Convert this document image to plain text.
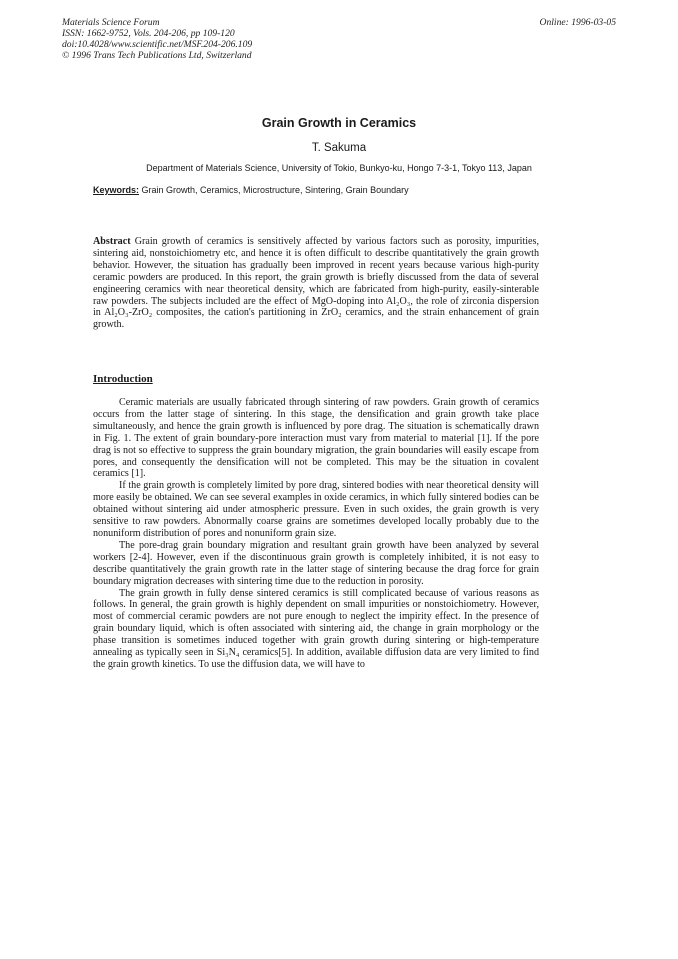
Materials Science Forum
ISSN: 1662-9752, Vols. 204-206, pp 109-120
doi:10.4028/www.scientific.net/MSF.204-206.109
© 1996 Trans Tech Publications Ltd, Switzerland
Online: 1996-03-05
Grain Growth in Ceramics
T. Sakuma
Department of Materials Science, University of Tokio, Bunkyo-ku, Hongo 7-3-1, Tokyo 113, Japan
Keywords: Grain Growth, Ceramics, Microstructure, Sintering, Grain Boundary
Abstract Grain growth of ceramics is sensitively affected by various factors such as porosity, impurities, sintering aid, nonstoichiometry etc, and hence it is often difficult to describe quantitatively the grain growth behavior. However, the situation has gradually been improved in recent years because various high-purity ceramic powders are produced. In this report, the grain growth is briefly discussed from the data of several engineering ceramics with near theoretical density, which are fabricated from high-purity, easily-sinterable raw powders. The subjects included are the effect of MgO-doping into Al₂O₃, the role of zirconia dispersion in Al₂O₃-ZrO₂ composites, the cation's partitioning in ZrO₂ ceramics, and the strain enhancement of grain growth.
Introduction

Ceramic materials are usually fabricated through sintering of raw powders. Grain growth of ceramics occurs from the latter stage of sintering. In this stage, the densification and grain growth take place simultaneously, and hence the grain growth is influenced by pore drag. The situation is schematically drawn in Fig. 1. The extent of grain boundary-pore interaction must vary from material to material [1]. If the pore drag is not so effective to suppress the grain boundary migration, the grain boundaries will easily escape from pores, and consequently the densification will not be completed. This may be the situation in covalent ceramics [1].

If the grain growth is completely limited by pore drag, sintered bodies with near theoretical density will more easily be obtained. We can see several examples in oxide ceramics, in which fully sintered bodies can be obtained without sintering aid under atmospheric pressure. Even in such oxides, the grain growth is very sensitive to raw powders. Abnormally coarse grains are sometimes developed locally probably due to the nonuniform distribution of pores and nonuniform grain size.

The pore-drag grain boundary migration and resultant grain growth have been analyzed by several workers [2-4]. However, even if the discontinuous grain growth is completely inhibited, it is not easy to describe quantitatively the grain growth rate in the latter stage of sintering because the drag force for grain boundary migration decreases with sintering time due to the reduction in porosity.

The grain growth in fully dense sintered ceramics is still complicated because of various reasons as follows. In general, the grain growth is highly dependent on small impurities or nonstoichiometry. However, most of commercial ceramic powders are not pure enough to neglect the impirity effect. In the presence of grain boundary liquid, which is often associated with sintering aid, the change in grain morphology or the phase transition is sometimes induced together with grain growth during sintering or high-temperature annealing as typically seen in Si₃N₄ ceramics[5]. In addition, available diffusion data are very limited to find the grain growth kinetics. To use the diffusion data, we will have to
